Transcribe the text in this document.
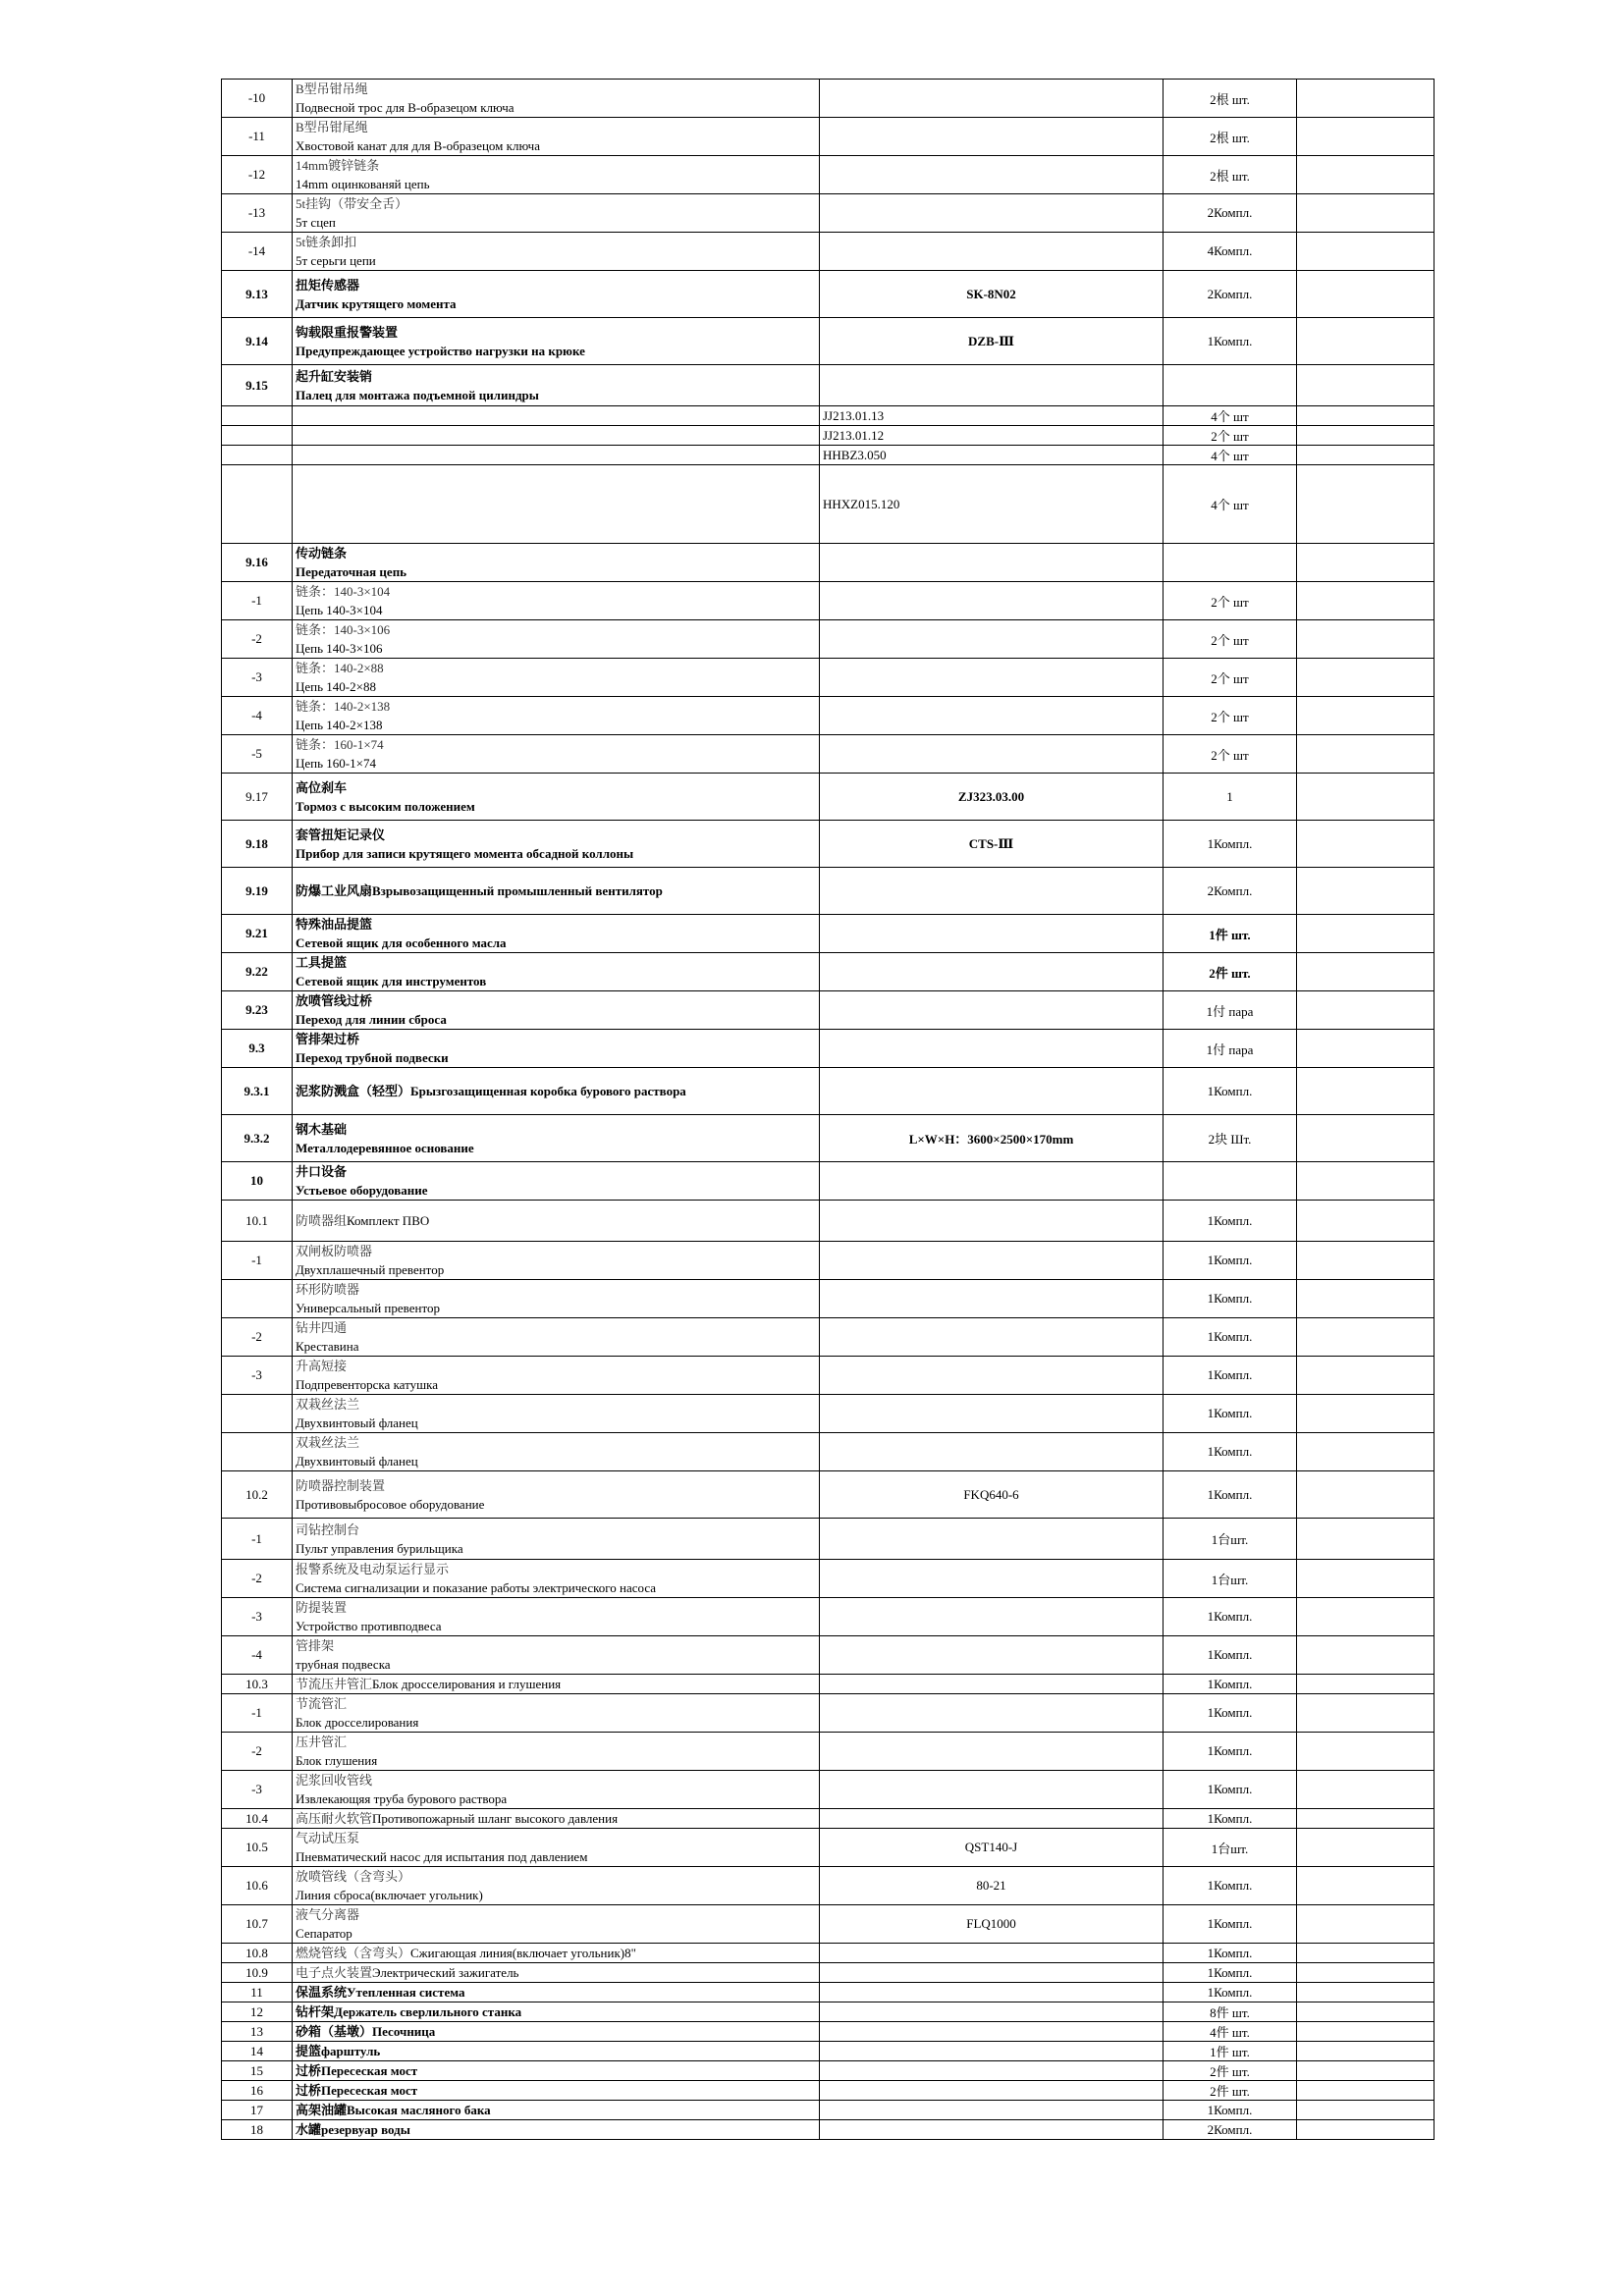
-10	B型吊钳吊绳
Подвесной трос для B-образецом ключа		2根 шт.	
-11	B型吊钳尾绳
Хвостовой канат для для B-образецом ключа		2根 шт.	
-12	14mm镀锌链条
14mm оцинкованяй цепь		2根 шт.	
-13	5t挂钩（带安全舌）
5т сцеп		2Компл.	
-14	5t链条卸扣
5т серьги цепи		4Компл.	
9.13	扭矩传感器
Датчик крутящего момента	SK-8N02	2Компл.	
9.14	钩载限重报警装置
Предупреждающее устройство нагрузки на крюке	DZB-Ⅲ	1Компл.	
9.15	起升缸安装销
Палец для монтажа подъемной цилиндры			

	JJ213.01.13	4个 шт	

	JJ213.01.12	2个 шт	

	HHBZ3.050	4个 шт	

	HHXZ015.120	4个 шт	
9.16	传动链条
Передаточная цепь			
-1	链条：140-3×104
Цепь 140-3×104		2个 шт	
-2	链条：140-3×106
Цепь 140-3×106		2个 шт	
-3	链条：140-2×88
Цепь 140-2×88		2个 шт	
-4	链条：140-2×138
Цепь 140-2×138		2个 шт	
-5	链条：160-1×74
Цепь 160-1×74		2个 шт	
9.17	高位刹车
Тормоз с высоким положением	ZJ323.03.00	1	
9.18	套管扭矩记录仪
Прибор для записи крутящего момента обсадной коллоны	CTS-Ⅲ	1Компл.	
9.19	防爆工业风扇Взрывозащищенный промышленный вентилятор		2Компл.	
9.21	特殊油品提篮
Сетевой ящик для особенного масла		1件 шт.	
9.22	工具提篮
Сетевой ящик для инструментов		2件 шт.	
9.23	放喷管线过桥
Переход для линии сброса		1付 пара	
9.3	管排架过桥
Переход трубной подвески		1付 пара	
9.3.1	泥浆防溅盒（轻型）Брызгозащищенная коробка бурового раствора		1Компл.	
9.3.2	钢木基础
Металлодеревянное основание	L×W×H：3600×2500×170mm	2块 Шт.	
10	井口设备
Устьевое оборудование			
10.1	防喷器组Комплект ПВО		1Компл.	
-1	双闸板防喷器
Двухплашечный превентор		1Компл.	
	环形防喷器
Универсальный превентор		1Компл.	
-2	钻井四通
Креставина		1Компл.	
-3	升高短接
Подпревенторска катушка		1Компл.	
	双栽丝法兰
Двухвинтовый фланец		1Компл.	
	双栽丝法兰
Двухвинтовый фланец		1Компл.	
10.2	防喷器控制装置
Противовыбросовое оборудование	FKQ640-6	1Компл.	
-1	司钻控制台
Пульт управления бурильщика		1台шт.	
-2	报警系统及电动泵运行显示
Система сигнализации и показание работы электрического насоса		1台шт.	
-3	防提装置
Устройство противподвеса		1Компл.	
-4	管排架
трубная подвеска		1Компл.	
10.3	节流压井管汇Блок дросселирования и глушения		1Компл.	
-1	节流管汇
Блок дросселирования		1Компл.	
-2	压井管汇
Блок глушения		1Компл.	
-3	泥浆回收管线
Извлекающяя труба бурового раствора		1Компл.	
10.4	高压耐火软管Противопожарный шланг высокого давления		1Компл.	
10.5	气动试压泵
Пневматический насос для испытания под давлением	QST140-J	1台шт.	
10.6	放喷管线（含弯头）
Линия сброса(включает угольник)	80-21	1Компл.	
10.7	液气分离器
Сепаратор	FLQ1000	1Компл.	
10.8	燃烧管线（含弯头）Сжигающая линия(включает угольник)8"		1Компл.	
10.9	电子点火装置Электрический зажигатель		1Компл.	
11	保温系统Утепленная система		1Компл.	
12	钻杆架Держатель сверлильного станка		8件 шт.	
13	砂箱（基墩）Песочница		4件 шт.	
14	提篮фарштуль		1件 шт.	
15	过桥Пересеская мост		2件 шт.	
16	过桥Пересеская мост		2件 шт.	
17	高架油罐Высокая масляного бака		1Компл.	
18	水罐резервуар воды		2Компл.	
